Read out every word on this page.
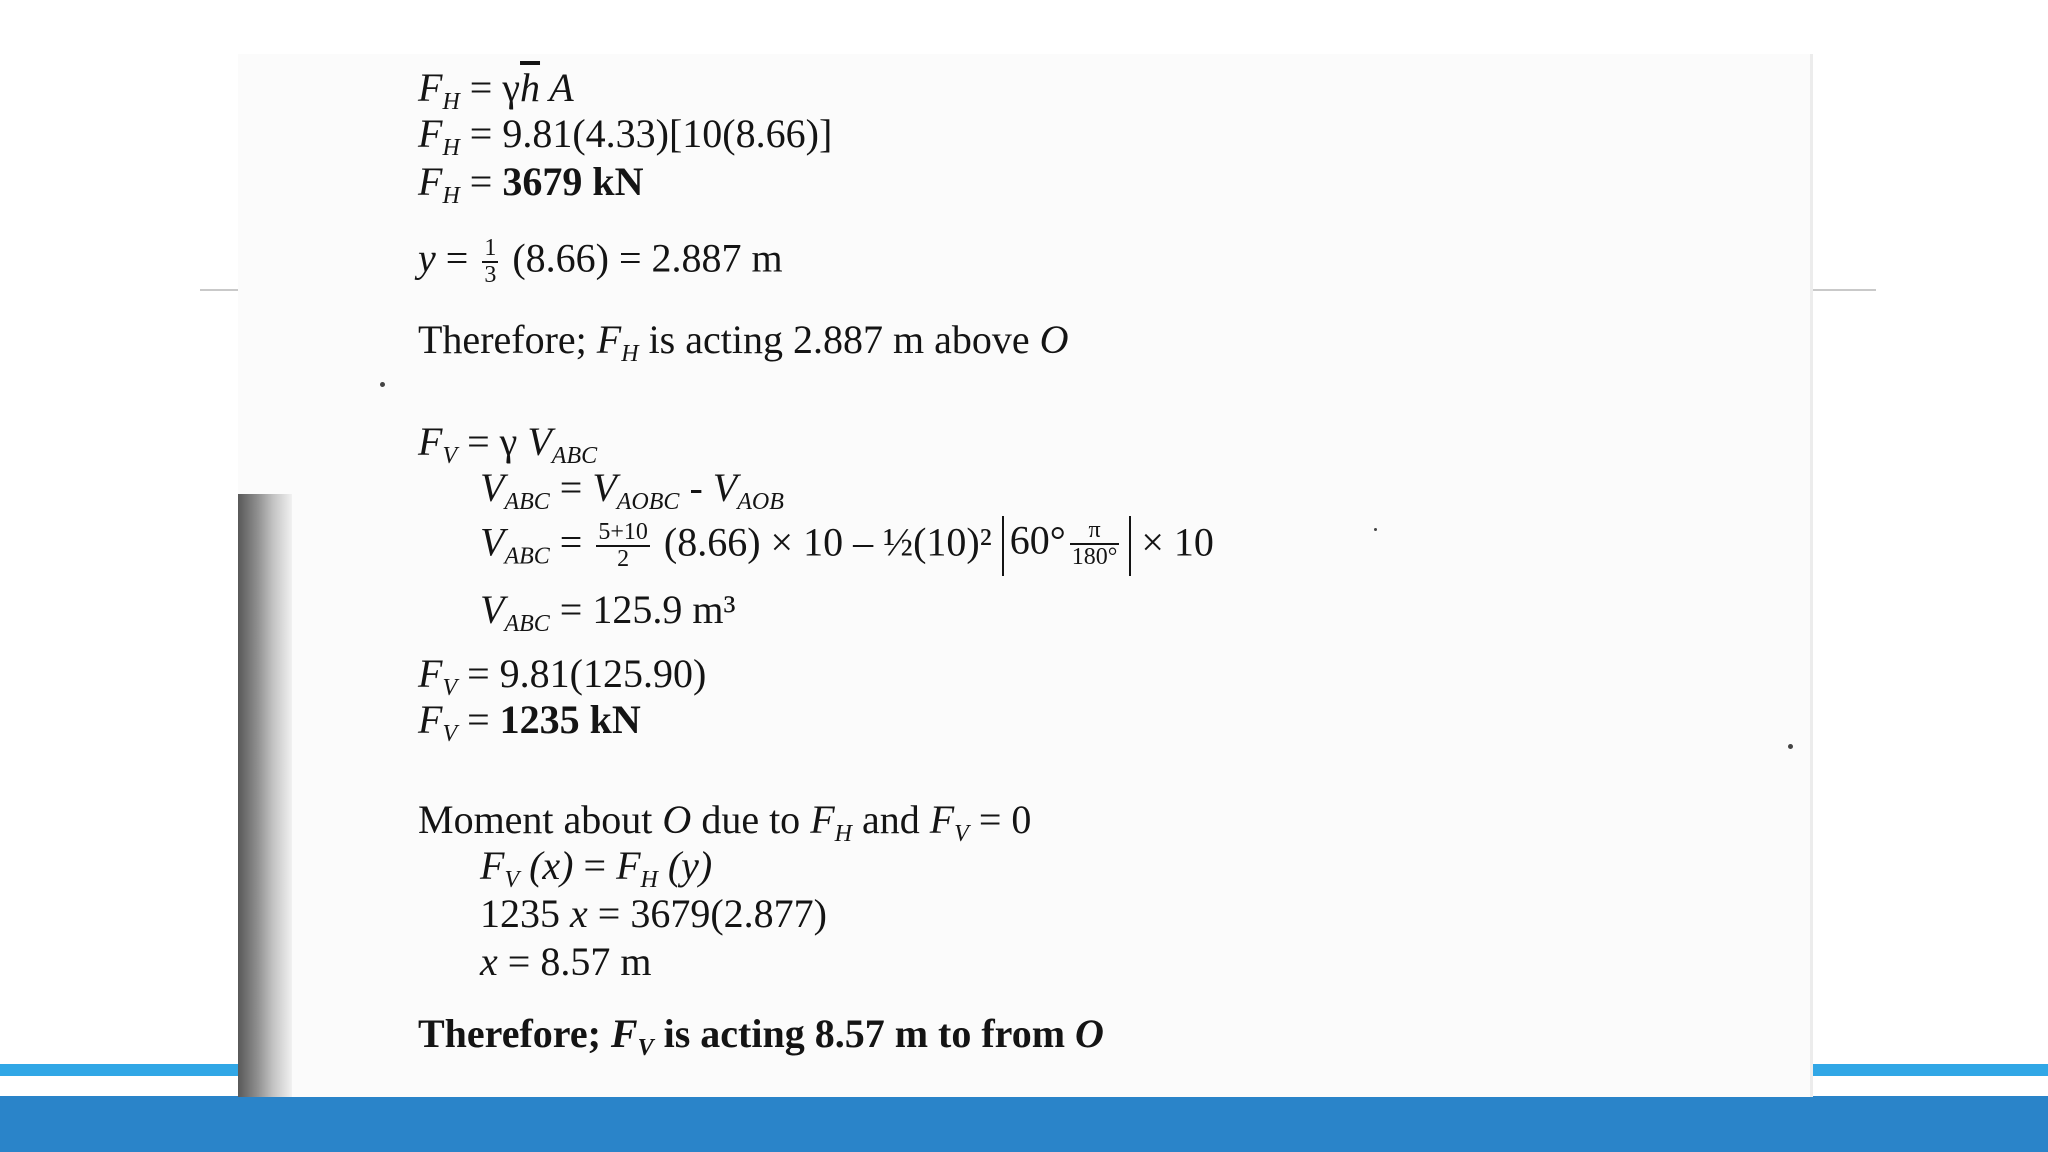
$F_H = \gamma\overline{h}$ A
$F_H = 9.81(4.33)[10(8.66)]$
$F_H = 3679$ kN
$y = \frac{1}{3} (8.66) = 2.887$ m
Therefore; $F_H$ is acting 2.887 m above O
$F_V = \gamma$ $V_{ABC}$
$V_{ABC} = V_{AOBC} - V_{AOB}$
$V_{ABC} = \frac{5+10}{2} (8.66) \times 10$ – ½(10)² $60^\circ \frac{\pi}{180^\circ} \times 10$
$V_{ABC} = 125.9$ m³
$F_V = 9.81(125.90)$
$F_V = 1235$ kN
Moment about O due to $F_H$ and $F_V = 0$
$F_V$ $(x) = F_H$ (y)
1235 x = 3679(2.877)
x = 8.57 m
Therefore; $F_V$ is acting 8.57 m to from O
